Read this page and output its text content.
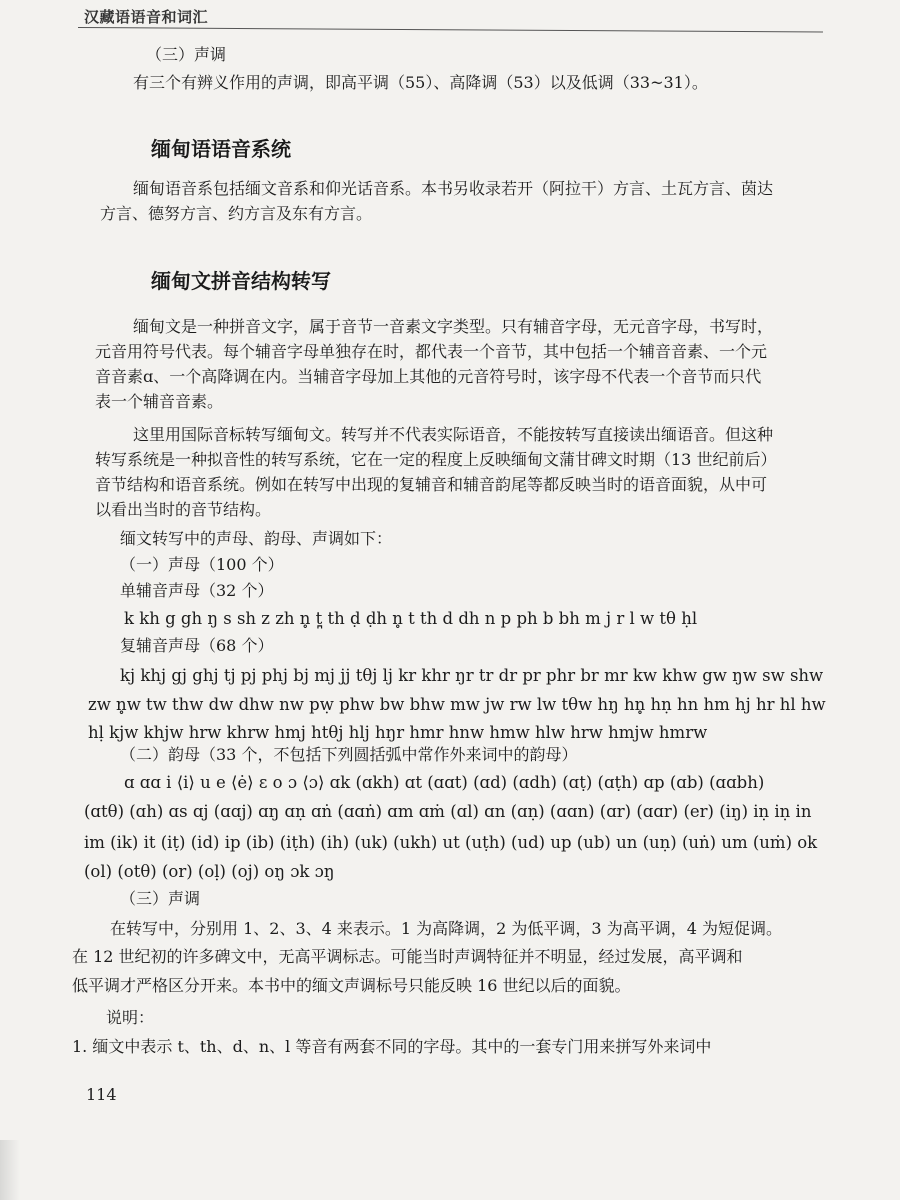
汉藏语语音和词汇
（三）声调
有三个有辨义作用的声调，即高平调（55）、高降调（53）以及低调（33~31）。
缅甸语语音系统
缅甸语音系包括缅文音系和仰光话音系。本书另收录若开（阿拉干）方言、土瓦方言、茵达
方言、德努方言、约方言及东有方言。
缅甸文拼音结构转写
缅甸文是一种拼音文字，属于音节一音素文字类型。只有辅音字母，无元音字母，书写时，
元音用符号代表。每个辅音字母单独存在时，都代表一个音节，其中包括一个辅音音素、一个元
音音素ɑ、一个高降调在内。当辅音字母加上其他的元音符号时，该字母不代表一个音节而只代
表一个辅音音素。
这里用国际音标转写缅甸文。转写并不代表实际语音，不能按转写直接读出缅语音。但这种
转写系统是一种拟音性的转写系统，它在一定的程度上反映缅甸文蒲甘碑文时期（13 世纪前后）
音节结构和语音系统。例如在转写中出现的复辅音和辅音韵尾等都反映当时的语音面貌，从中可
以看出当时的音节结构。
缅文转写中的声母、韵母、声调如下：
（一）声母（100 个）
单辅音声母（32 个）
k kh g gh ŋ s sh z zh n̥ t̪ th ḍ ḍh n̥ t th d dh n p ph b bh m j r l w tθ ḥl
复辅音声母（68 个）
kj khj gj ghj tj pj phj bj mj jj tθj lj kr khr ŋr tr dr pr phr br mr kw khw gw ŋw sw shw
zw n̥w tw thw dw dhw nw pẉ phw bw bhw mw jw rw lw tθw hŋ hn̥ hṇ hn hm hj hr hl hw
hḷ kjw khjw hrw khrw hmj htθj hlj hŋr hmr hnw hmw hlw hrw hmjw hmrw
（二）韵母（33 个，不包括下列圆括弧中常作外来词中的韵母）
ɑ ɑɑ i ⟨i⟩ u e ⟨ė⟩ ɛ o ɔ ⟨ɔ⟩ ɑk (ɑkh) ɑt (ɑɑt) (ɑd) (ɑdh) (ɑṭ) (ɑṭh) ɑp (ɑb) (ɑɑbh)
(ɑtθ) (ɑh) ɑs ɑj (ɑɑj) ɑŋ ɑṇ ɑṅ (ɑɑṅ) ɑm ɑṁ (ɑl) ɑn (ɑṇ) (ɑɑn) (ɑr) (ɑɑr) (er) (iŋ) iṇ iṇ in
im (ik) it (iṭ) (id) ip (ib) (iṭh) (ih) (uk) (ukh) ut (uṭh) (ud) up (ub) un (uṇ) (uṅ) um (uṁ) ok
(ol) (otθ) (or) (oḷ) (oj) oŋ ɔk ɔŋ
（三）声调
在转写中，分别用 1、2、3、4 来表示。1 为高降调，2 为低平调，3 为高平调，4 为短促调。
在 12 世纪初的许多碑文中，无高平调标志。可能当时声调特征并不明显，经过发展，高平调和
低平调才严格区分开来。本书中的缅文声调标号只能反映 16 世纪以后的面貌。
说明：
1. 缅文中表示 t、th、d、n、l 等音有两套不同的字母。其中的一套专门用来拼写外来词中
114
